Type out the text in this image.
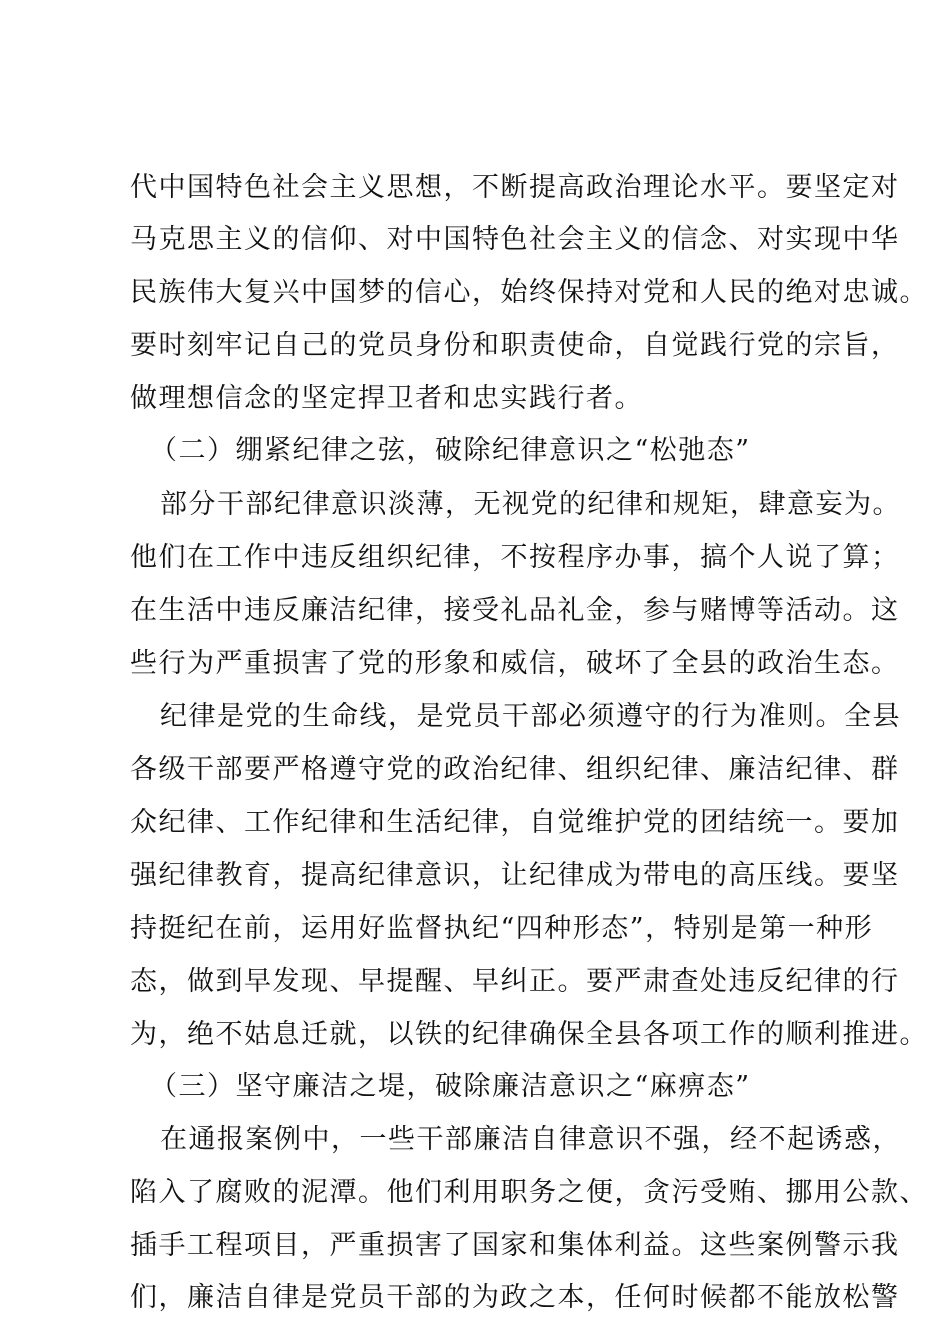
代中国特色社会主义思想，不断提高政治理论水平。要坚定对
马克思主义的信仰、对中国特色社会主义的信念、对实现中华
民族伟大复兴中国梦的信心，始终保持对党和人民的绝对忠诚。
要时刻牢记自己的党员身份和职责使命，自觉践行党的宗旨，
做理想信念的坚定捍卫者和忠实践行者。
（二）绷紧纪律之弦，破除纪律意识之“松弛态”
部分干部纪律意识淡薄，无视党的纪律和规矩，肆意妄为。
他们在工作中违反组织纪律，不按程序办事，搞个人说了算；
在生活中违反廉洁纪律，接受礼品礼金，参与赌博等活动。这
些行为严重损害了党的形象和威信，破坏了全县的政治生态。
纪律是党的生命线，是党员干部必须遵守的行为准则。全县
各级干部要严格遵守党的政治纪律、组织纪律、廉洁纪律、群
众纪律、工作纪律和生活纪律，自觉维护党的团结统一。要加
强纪律教育，提高纪律意识，让纪律成为带电的高压线。要坚
持挺纪在前，运用好监督执纪“四种形态”，特别是第一种形
态，做到早发现、早提醒、早纠正。要严肃查处违反纪律的行
为，绝不姑息迁就，以铁的纪律确保全县各项工作的顺利推进。
（三）坚守廉洁之堤，破除廉洁意识之“麻痹态”
在通报案例中，一些干部廉洁自律意识不强，经不起诱惑，
陷入了腐败的泥潭。他们利用职务之便，贪污受贿、挪用公款、
插手工程项目，严重损害了国家和集体利益。这些案例警示我
们，廉洁自律是党员干部的为政之本，任何时候都不能放松警
